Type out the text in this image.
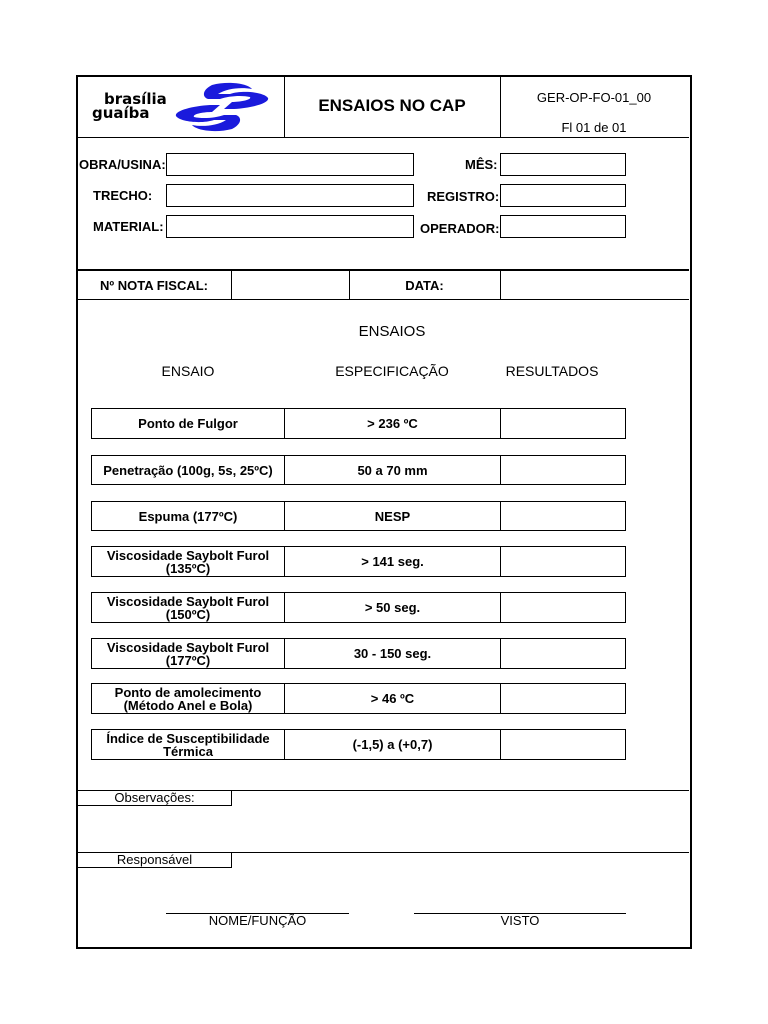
brasília
guaíba	ENSAIOS NO CAP	GER-OP-FO-01_00
Fl 01 de 01
OBRA/USINA:
TRECHO:
MATERIAL:
MÊS:
REGISTRO:
OPERADOR:
Nº NOTA FISCAL:	DATA:
ENSAIOS
ENSAIO	ESPECIFICAÇÃO	RESULTADOS
Ponto de Fulgor	> 236 ºC
Penetração (100g, 5s, 25ºC)	50 a 70 mm
Espuma (177ºC)	NESP
Viscosidade Saybolt Furol (135ºC)	> 141 seg.
Viscosidade Saybolt Furol (150ºC)	> 50 seg.
Viscosidade Saybolt Furol (177ºC)	30 - 150 seg.
Ponto de amolecimento (Método Anel e Bola)	> 46 ºC
Índice de Susceptibilidade Térmica	(-1,5) a (+0,7)
Observações:
Responsável
NOME/FUNÇÃO	VISTO
